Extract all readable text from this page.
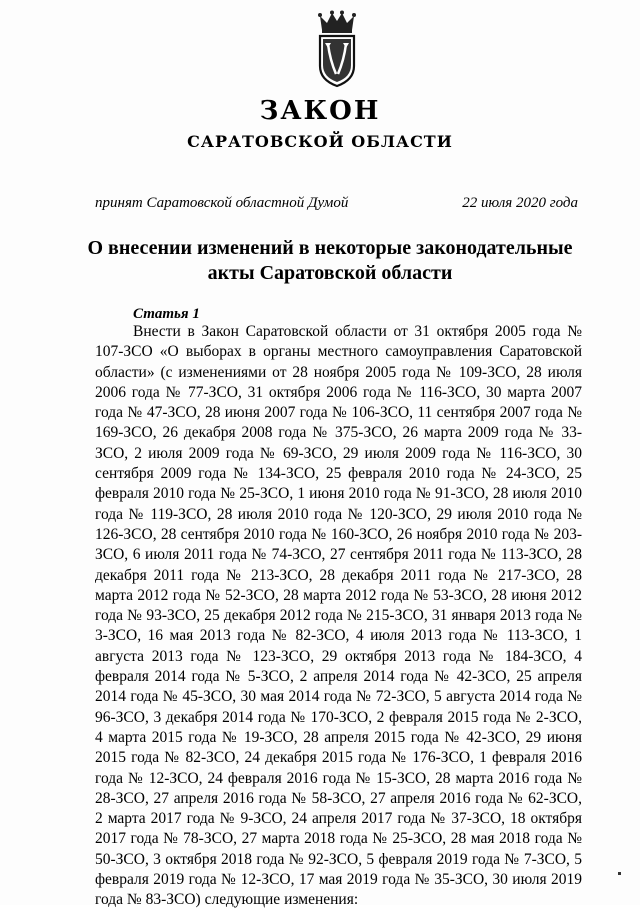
ЗАКОН
САРАТОВСКОЙ ОБЛАСТИ
принят Саратовской областной Думой	22 июля 2020 года
О внесении изменений в некоторые законодательные
акты Саратовской области
Статья 1

Внести в Закон Саратовской области от 31 октября 2005 года № 107-ЗСО «О выборах в органы местного самоуправления Саратовской области» (с изменениями от 28 ноября 2005 года № 109-ЗСО, 28 июля 2006 года № 77-ЗСО, 31 октября 2006 года № 116-ЗСО, 30 марта 2007 года № 47-ЗСО, 28 июня 2007 года № 106-ЗСО, 11 сентября 2007 года № 169-ЗСО, 26 декабря 2008 года № 375-ЗСО, 26 марта 2009 года № 33-ЗСО, 2 июля 2009 года № 69-ЗСО, 29 июля 2009 года № 116-ЗСО, 30 сентября 2009 года № 134-ЗСО, 25 февраля 2010 года № 24-ЗСО, 25 февраля 2010 года № 25-ЗСО, 1 июня 2010 года № 91-ЗСО, 28 июля 2010 года № 119-ЗСО, 28 июля 2010 года № 120-ЗСО, 29 июля 2010 года № 126-ЗСО, 28 сентября 2010 года № 160-ЗСО, 26 ноября 2010 года № 203-ЗСО, 6 июля 2011 года № 74-ЗСО, 27 сентября 2011 года № 113-ЗСО, 28 декабря 2011 года № 213-ЗСО, 28 декабря 2011 года № 217-ЗСО, 28 марта 2012 года № 52-ЗСО, 28 марта 2012 года № 53-ЗСО, 28 июня 2012 года № 93-ЗСО, 25 декабря 2012 года № 215-ЗСО, 31 января 2013 года № 3-ЗСО, 16 мая 2013 года № 82-ЗСО, 4 июля 2013 года № 113-ЗСО, 1 августа 2013 года № 123-ЗСО, 29 октября 2013 года № 184-ЗСО, 4 февраля 2014 года № 5-ЗСО, 2 апреля 2014 года № 42-ЗСО, 25 апреля 2014 года № 45-ЗСО, 30 мая 2014 года № 72-ЗСО, 5 августа 2014 года № 96-ЗСО, 3 декабря 2014 года № 170-ЗСО, 2 февраля 2015 года № 2-ЗСО, 4 марта 2015 года № 19-ЗСО, 28 апреля 2015 года № 42-ЗСО, 29 июня 2015 года № 82-ЗСО, 24 декабря 2015 года № 176-ЗСО, 1 февраля 2016 года № 12-ЗСО, 24 февраля 2016 года № 15-ЗСО, 28 марта 2016 года № 28-ЗСО, 27 апреля 2016 года № 58-ЗСО, 27 апреля 2016 года № 62-ЗСО, 2 марта 2017 года № 9-ЗСО, 24 апреля 2017 года № 37-ЗСО, 18 октября 2017 года № 78-ЗСО, 27 марта 2018 года № 25-ЗСО, 28 мая 2018 года № 50-ЗСО, 3 октября 2018 года № 92-ЗСО, 5 февраля 2019 года № 7-ЗСО, 5 февраля 2019 года № 12-ЗСО, 17 мая 2019 года № 35-ЗСО, 30 июля 2019 года № 83-ЗСО) следующие изменения:
